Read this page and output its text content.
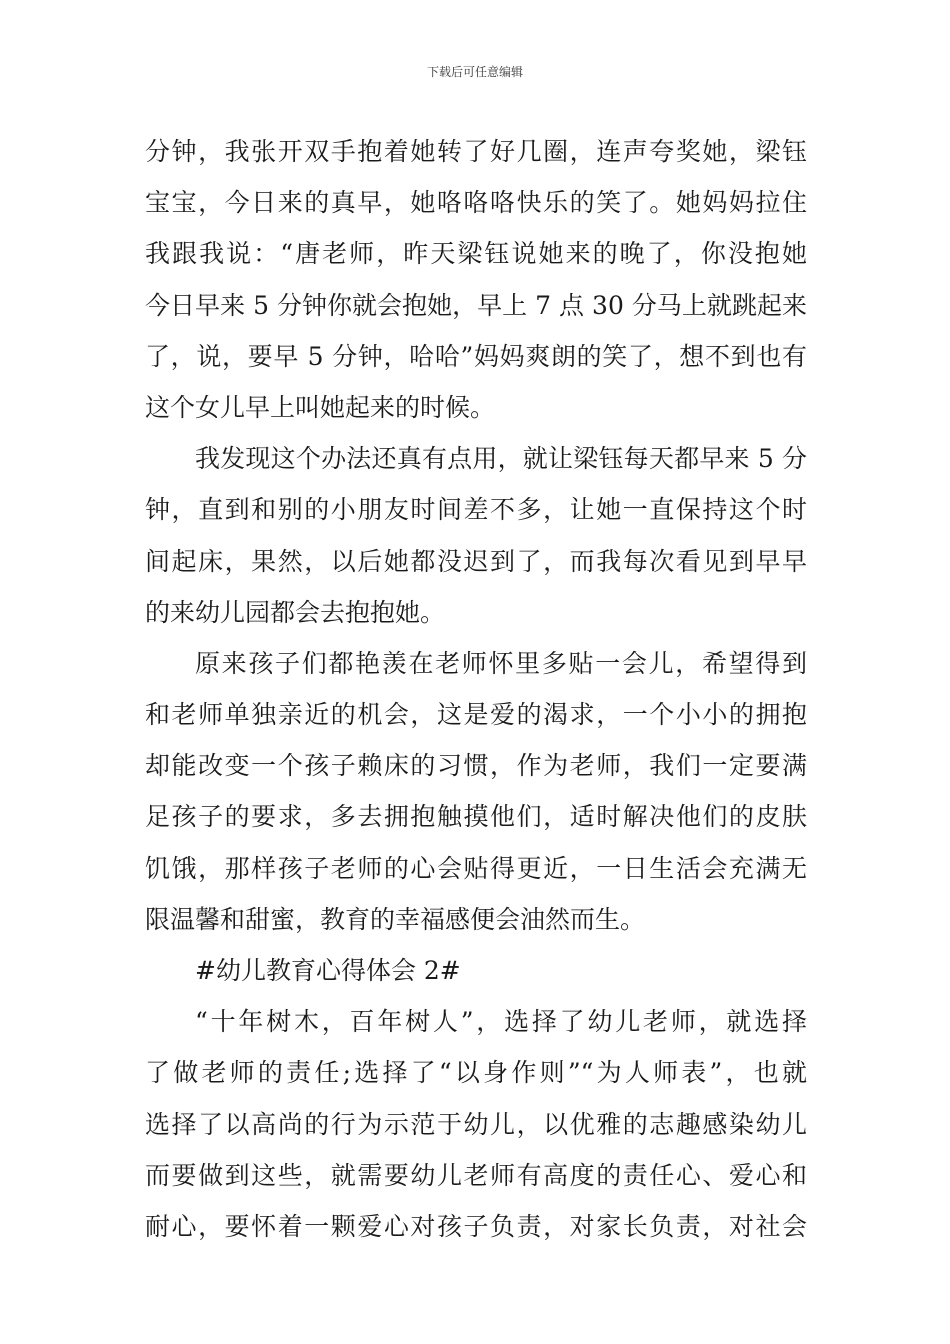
下载后可任意编辑
分钟，我张开双手抱着她转了好几圈，连声夸奖她，梁钰
宝宝，今日来的真早，她咯咯咯快乐的笑了。她妈妈拉住
我跟我说：“唐老师，昨天梁钰说她来的晚了，你没抱她
今日早来 5 分钟你就会抱她，早上 7 点 30 分马上就跳起来
了，说，要早 5 分钟，哈哈”妈妈爽朗的笑了，想不到也有
这个女儿早上叫她起来的时候。
我发现这个办法还真有点用，就让梁钰每天都早来 5 分
钟，直到和别的小朋友时间差不多，让她一直保持这个时
间起床，果然，以后她都没迟到了，而我每次看见到早早
的来幼儿园都会去抱抱她。
原来孩子们都艳羡在老师怀里多贴一会儿，希望得到
和老师单独亲近的机会，这是爱的渴求，一个小小的拥抱
却能改变一个孩子赖床的习惯，作为老师，我们一定要满
足孩子的要求，多去拥抱触摸他们，适时解决他们的皮肤
饥饿，那样孩子老师的心会贴得更近，一日生活会充满无
限温馨和甜蜜，教育的幸福感便会油然而生。
#幼儿教育心得体会 2#
“十年树木，百年树人”，选择了幼儿老师，就选择
了做老师的责任;选择了“以身作则”“为人师表”，也就
选择了以高尚的行为示范于幼儿，以优雅的志趣感染幼儿
而要做到这些，就需要幼儿老师有高度的责任心、爱心和
耐心，要怀着一颗爱心对孩子负责，对家长负责，对社会
